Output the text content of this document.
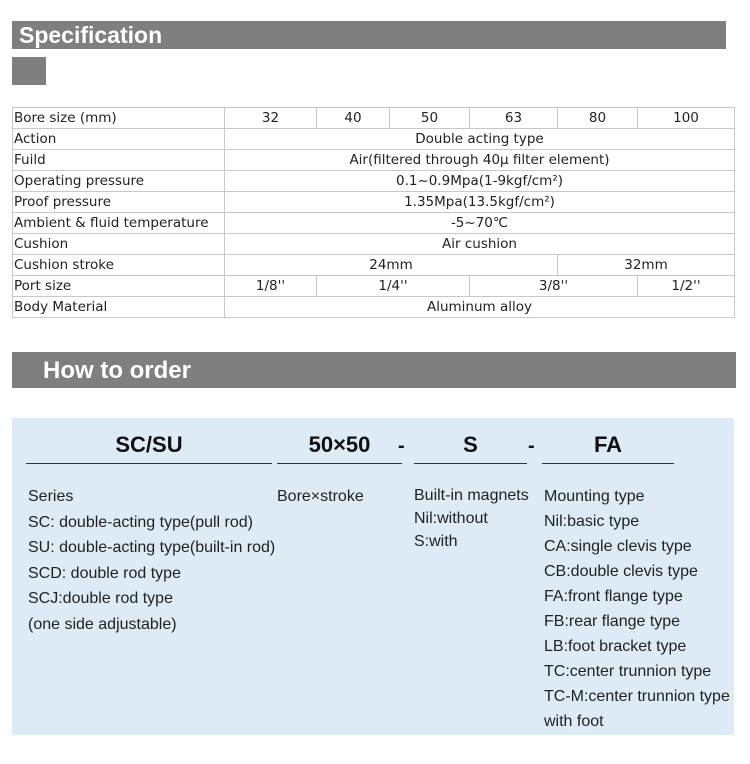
Specification
Bore size (mm)	32	40	50	63	80	100
Action	Double acting type					
Fuild	Air(filtered through 40μ filter element)					
Operating pressure	0.1~0.9Mpa(1-9kgf/cm²)					
Proof pressure	1.35Mpa(13.5kgf/cm²)					
Ambient & fluid temperature	-5~70℃					
Cushion	Air cushion					
Cushion stroke	24mm				32mm	
Port size	1/8''	1/4''		3/8''		1/2''
Body Material	Aluminum alloy					
How to order
SC/SU	50×50	-	S	-	FA
Series
SC: double-acting type(pull rod)
SU: double-acting type(built-in rod)
SCD: double rod type
SCJ:double rod type
(one side adjustable)
Bore×stroke	Built-in magnets
Nil:without
S:with
Mounting type
Nil:basic type
CA:single clevis type
CB:double clevis type
FA:front flange type
FB:rear flange type
LB:foot bracket type
TC:center trunnion type
TC-M:center trunnion type
with foot
